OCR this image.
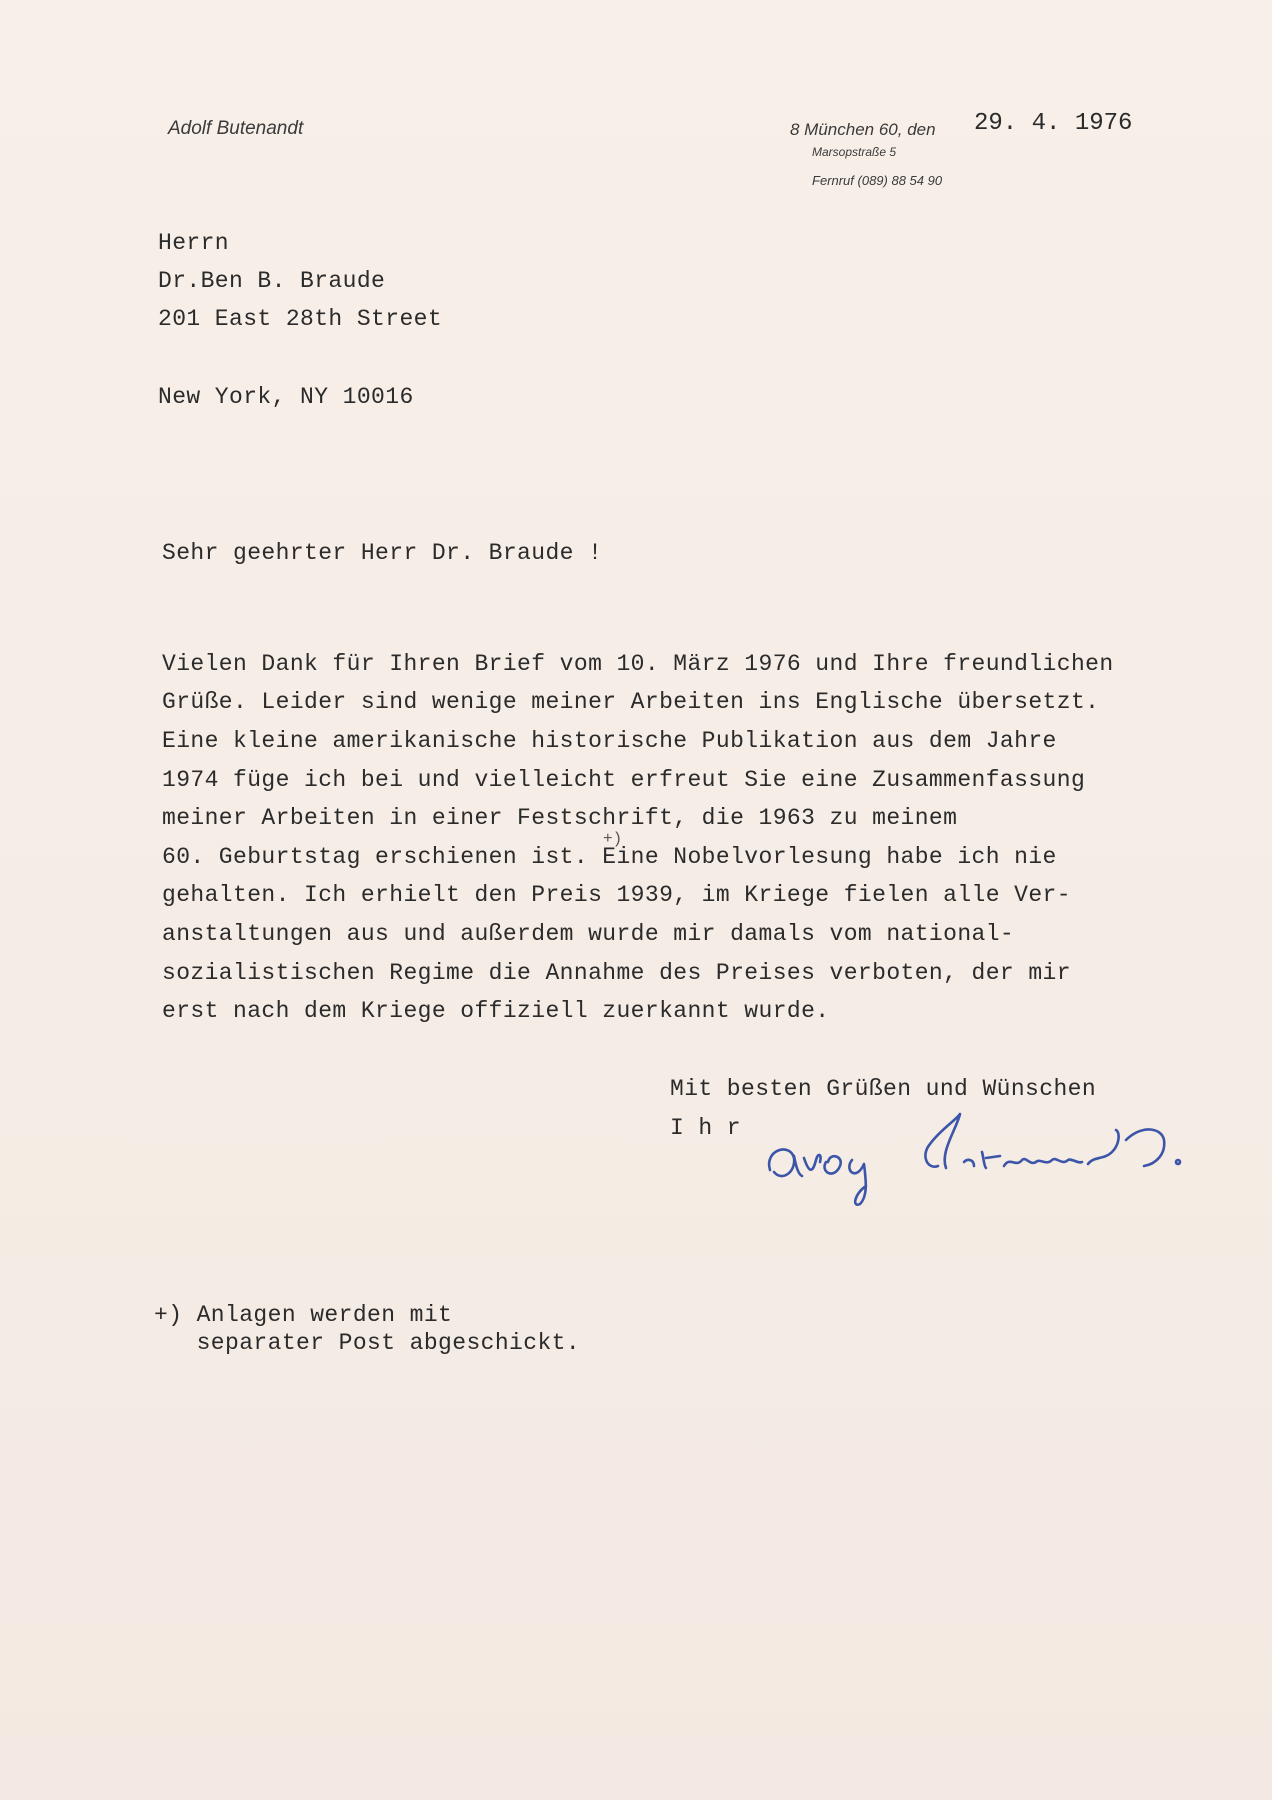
Adolf Butenandt	8 München 60, den
Marsopstraße 5
Fernruf (089) 88 54 90
29. 4. 1976
Herrn
Dr.Ben B. Braude
201 East 28th Street
New York, NY 10016
Sehr geehrter Herr Dr. Braude !
Vielen Dank für Ihren Brief vom 10. März 1976 und Ihre freundlichen
Grüße. Leider sind wenige meiner Arbeiten ins Englische übersetzt.
Eine kleine amerikanische historische Publikation aus dem Jahre
1974 füge ich bei und vielleicht erfreut Sie eine Zusammenfassung
meiner Arbeiten in einer Festschrift, die 1963 zu meinem
+)
60. Geburtstag erschienen ist. Eine Nobelvorlesung habe ich nie
gehalten. Ich erhielt den Preis 1939, im Kriege fielen alle Ver-
anstaltungen aus und außerdem wurde mir damals vom national-
sozialistischen Regime die Annahme des Preises verboten, der mir
erst nach dem Kriege offiziell zuerkannt wurde.
Mit besten Grüßen und Wünschen
I h r
+) Anlagen werden mit
separater Post abgeschickt.
